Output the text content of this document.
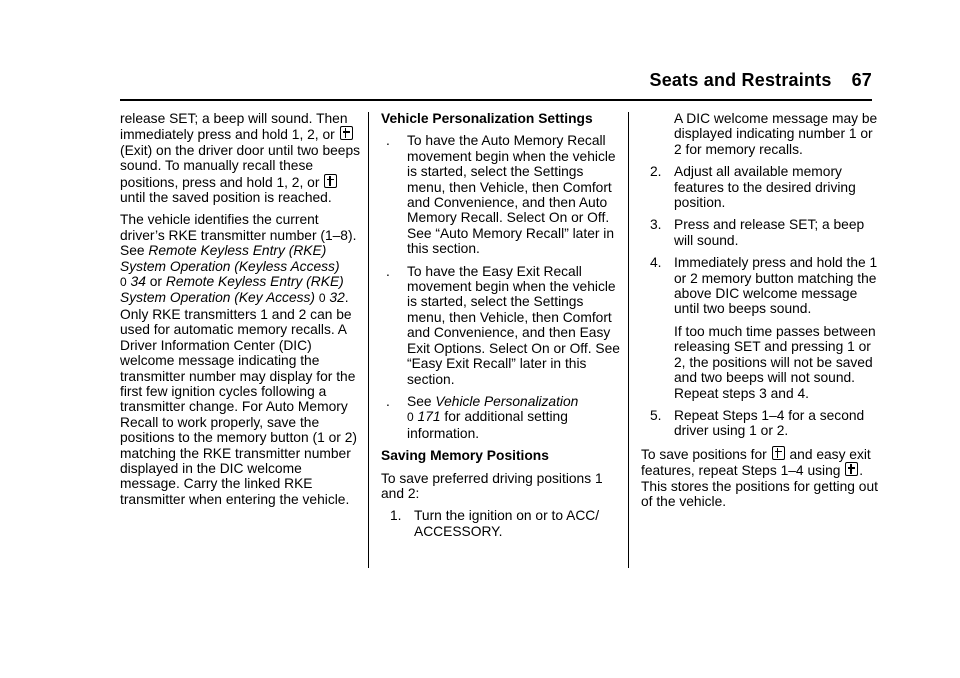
Seats and Restraints 67

release SET; a beep will sound. Then immediately press and hold 1, 2, or  (Exit) on the driver door until two beeps sound. To manually recall these positions, press and hold 1, 2, or  until the saved position is reached.

The vehicle identifies the current driver’s RKE transmitter number (1–8).
See Remote Keyless Entry (RKE) System Operation (Keyless Access)
0 34 or Remote Keyless Entry (RKE) System Operation (Key Access) 0 32. Only RKE transmitters 1 and 2 can be used for automatic memory recalls. A Driver Information Center (DIC) welcome message indicating the transmitter number may display for the first few ignition cycles following a transmitter change. For Auto Memory Recall to work properly, save the positions to the memory button (1 or 2) matching the RKE transmitter number displayed in the DIC welcome message. Carry the linked RKE transmitter when entering the vehicle.

Vehicle Personalization Settings

. To have the Auto Memory Recall movement begin when the vehicle is started, select the Settings menu, then Vehicle, then Comfort and Convenience, and then Auto Memory Recall. Select On or Off. See “Auto Memory Recall” later in this section.
. To have the Easy Exit Recall movement begin when the vehicle is started, select the Settings menu, then Vehicle, then Comfort and Convenience, and then Easy Exit Options. Select On or Off. See “Easy Exit Recall” later in this section.
. See Vehicle Personalization
0 171 for additional setting information.

Saving Memory Positions

To save preferred driving positions 1 and 2:

1. Turn the ignition on or to ACC/ ACCESSORY.

A DIC welcome message may be displayed indicating number 1 or 2 for memory recalls.

2. Adjust all available memory features to the desired driving position.
3. Press and release SET; a beep will sound.
4. Immediately press and hold the 1 or 2 memory button matching the above DIC welcome message until two beeps sound.

If too much time passes between releasing SET and pressing 1 or 2, the positions will not be saved and two beeps will not sound. Repeat steps 3 and 4.

5. Repeat Steps 1–4 for a second driver using 1 or 2.

To save positions for and easy exit features, repeat Steps 1–4 using . This stores the positions for getting out of the vehicle.
